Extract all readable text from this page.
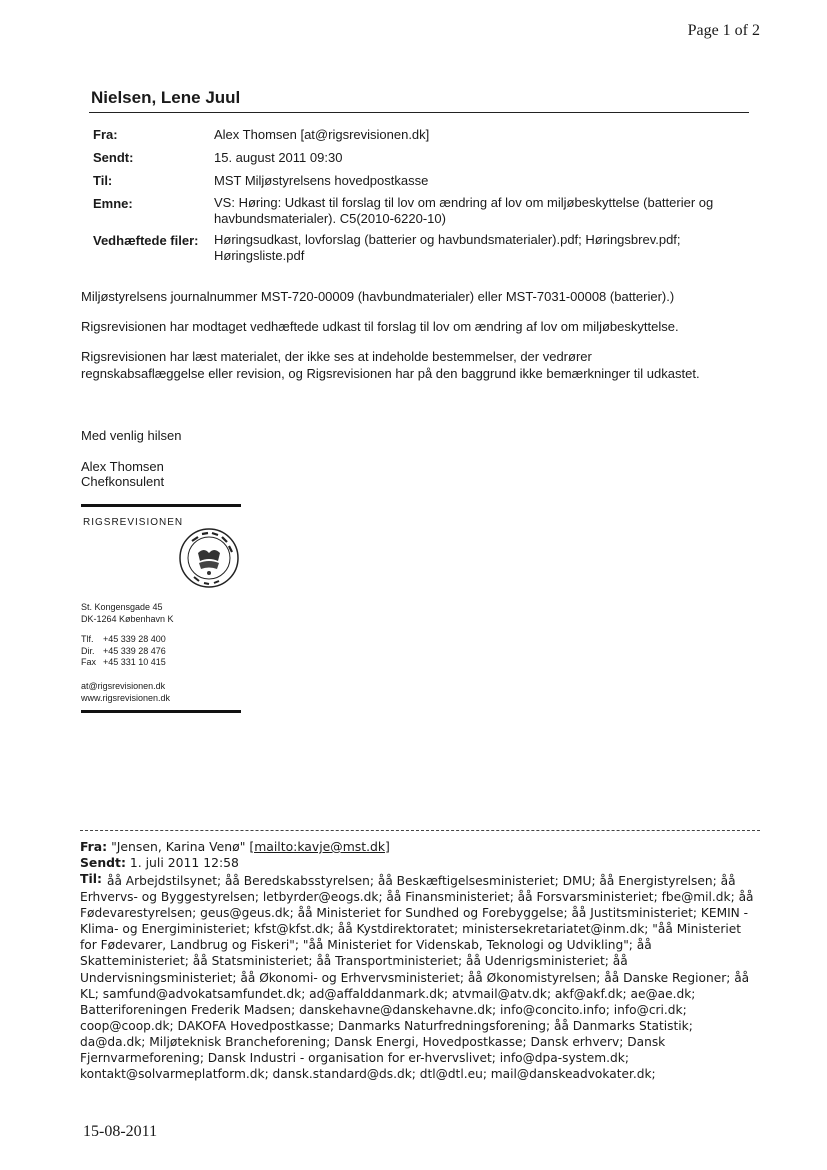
Page 1 of 2
Nielsen, Lene Juul
Fra:	Alex Thomsen [at@rigsrevisionen.dk]
Sendt:	15. august 2011 09:30
Til:	MST Miljøstyrelsens hovedpostkasse
Emne:	VS: Høring: Udkast til forslag til lov om ændring af lov om miljøbeskyttelse (batterier og havbundsmaterialer). C5(2010-6220-10)
Vedhæftede filer: Høringsudkast, lovforslag (batterier og havbundsmaterialer).pdf; Høringsbrev.pdf; Høringsliste.pdf
Miljøstyrelsens journalnummer MST-720-00009 (havbundmaterialer) eller MST-7031-00008 (batterier).)
Rigsrevisionen har modtaget vedhæftede udkast til forslag til lov om ændring af lov om miljøbeskyttelse.
Rigsrevisionen har læst materialet, der ikke ses at indeholde bestemmelser, der vedrører
regnskabsaflæggelse eller revision, og Rigsrevisionen har på den baggrund ikke bemærkninger til udkastet.
Med venlig hilsen
Alex Thomsen
Chefkonsulent
RIGSREVISIONEN
St. Kongensgade 45
DK-1264 København K
Tlf. +45 339 28 400
Dir. +45 339 28 476
Fax +45 331 10 415
at@rigsrevisionen.dk
www.rigsrevisionen.dk
Fra: "Jensen, Karina Venø" [mailto:kavje@mst.dk]
Sendt: 1. juli 2011 12:58
Til: åå Arbejdstilsynet; åå Beredskabsstyrelsen; åå Beskæftigelsesministeriet; DMU; åå Energistyrelsen; åå
Erhvervs- og Byggestyrelsen; letbyrder@eogs.dk; åå Finansministeriet; åå Forsvarsministeriet; fbe@mil.dk; åå
Fødevarestyrelsen; geus@geus.dk; åå Ministeriet for Sundhed og Forebyggelse; åå Justitsministeriet; KEMIN -
Klima- og Energiministeriet; kfst@kfst.dk; åå Kystdirektoratet; ministersekretariatet@inm.dk; "åå Ministeriet
for Fødevarer, Landbrug og Fiskeri"; "åå Ministeriet for Videnskab, Teknologi og Udvikling"; åå
Skatteministeriet; åå Statsministeriet; åå Transportministeriet; åå Udenrigsministeriet; åå
Undervisningsministeriet; åå Økonomi- og Erhvervsministeriet; åå Økonomistyrelsen; åå Danske Regioner; åå
KL; samfund@advokatsamfundet.dk; ad@affalddanmark.dk; atvmail@atv.dk; akf@akf.dk; ae@ae.dk;
Batteriforeningen Frederik Madsen; danskehavne@danskehavne.dk; info@concito.info; info@cri.dk;
coop@coop.dk; DAKOFA Hovedpostkasse; Danmarks Naturfredningsforening; åå Danmarks Statistik;
da@da.dk; Miljøteknisk Brancheforening; Dansk Energi, Hovedpostkasse; Dansk erhverv; Dansk
Fjernvarmeforening; Dansk Industri - organisation for er-hvervslivet; info@dpa-system.dk;
kontakt@solvarmeplatform.dk; dansk.standard@ds.dk; dtl@dtl.eu; mail@danskeadvokater.dk;
15-08-2011
